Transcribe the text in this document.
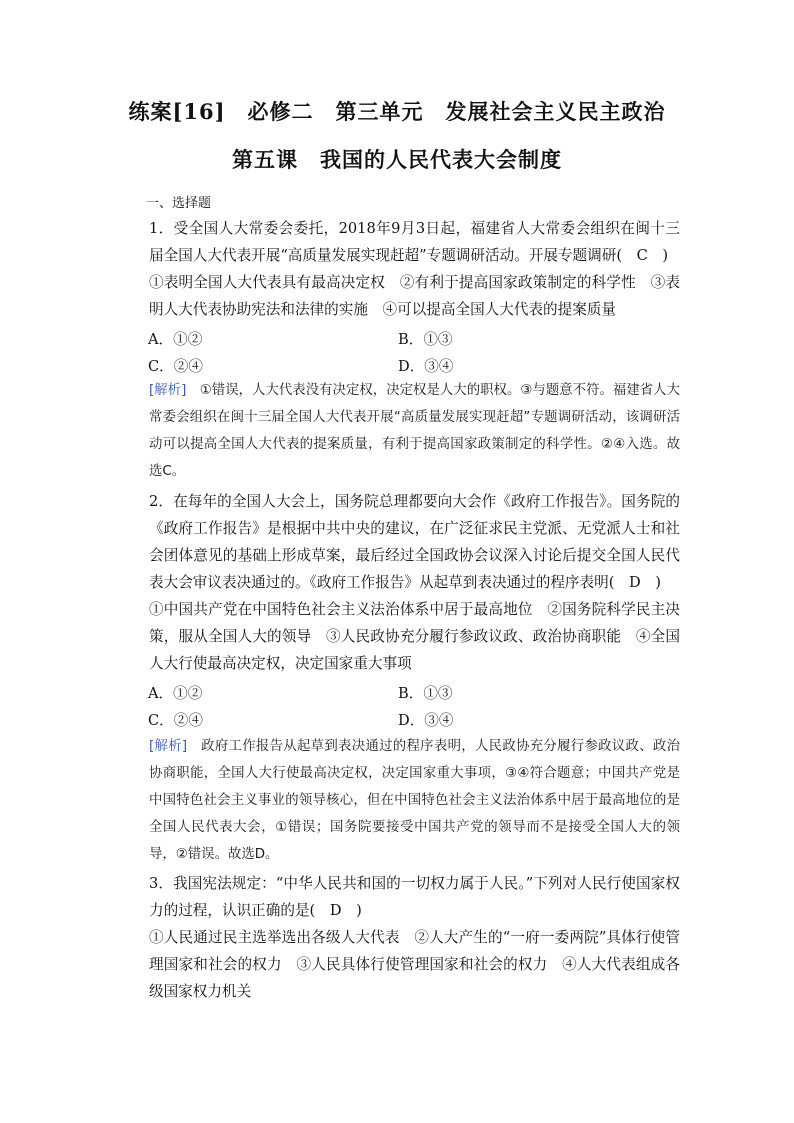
练案[16]　必修二　第三单元　发展社会主义民主政治
第五课　我国的人民代表大会制度
一、选择题
1．受全国人大常委会委托，2018年9月3日起，福建省人大常委会组织在闽十三届全国人大代表开展“高质量发展实现赶超”专题调研活动。开展专题调研(　C　)
①表明全国人大代表具有最高决定权　②有利于提高国家政策制定的科学性　③表明人大代表协助宪法和法律的实施　④可以提高全国人大代表的提案质量
A．①②	B．①③
C．②④	D．③④
[解析]　①错误，人大代表没有决定权，决定权是人大的职权。③与题意不符。福建省人大常委会组织在闽十三届全国人大代表开展“高质量发展实现赶超”专题调研活动，该调研活动可以提高全国人大代表的提案质量，有利于提高国家政策制定的科学性。②④入选。故选C。
2．在每年的全国人大会上，国务院总理都要向大会作《政府工作报告》。国务院的《政府工作报告》是根据中共中央的建议，在广泛征求民主党派、无党派人士和社会团体意见的基础上形成草案，最后经过全国政协会议深入讨论后提交全国人民代表大会审议表决通过的。《政府工作报告》从起草到表决通过的程序表明(　D　)
①中国共产党在中国特色社会主义法治体系中居于最高地位　②国务院科学民主决策，服从全国人大的领导　③人民政协充分履行参政议政、政治协商职能　④全国人大行使最高决定权，决定国家重大事项
A．①②	B．①③
C．②④	D．③④
[解析]　政府工作报告从起草到表决通过的程序表明，人民政协充分履行参政议政、政治协商职能，全国人大行使最高决定权，决定国家重大事项，③④符合题意；中国共产党是中国特色社会主义事业的领导核心，但在中国特色社会主义法治体系中居于最高地位的是全国人民代表大会，①错误；国务院要接受中国共产党的领导而不是接受全国人大的领导，②错误。故选D。
3．我国宪法规定：“中华人民共和国的一切权力属于人民。”下列对人民行使国家权力的过程，认识正确的是(　D　)
①人民通过民主选举选出各级人大代表　②人大产生的“一府一委两院”具体行使管理国家和社会的权力　③人民具体行使管理国家和社会的权力　④人大代表组成各级国家权力机关
